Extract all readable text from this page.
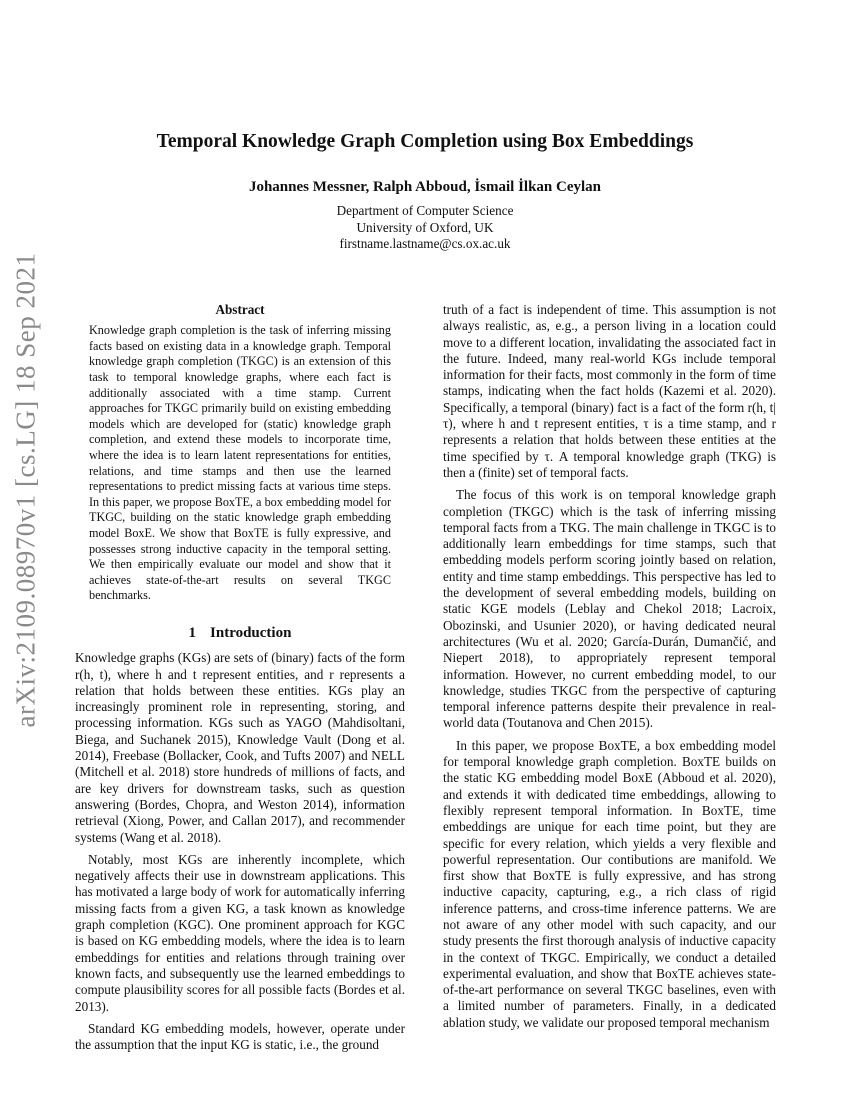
arXiv:2109.08970v1 [cs.LG] 18 Sep 2021
Temporal Knowledge Graph Completion using Box Embeddings
Johannes Messner, Ralph Abboud, İsmail İlkan Ceylan
Department of Computer Science
University of Oxford, UK
firstname.lastname@cs.ox.ac.uk
Abstract

Knowledge graph completion is the task of inferring missing facts based on existing data in a knowledge graph. Temporal knowledge graph completion (TKGC) is an extension of this task to temporal knowledge graphs, where each fact is additionally associated with a time stamp. Current approaches for TKGC primarily build on existing embedding models which are developed for (static) knowledge graph completion, and extend these models to incorporate time, where the idea is to learn latent representations for entities, relations, and time stamps and then use the learned representations to predict missing facts at various time steps. In this paper, we propose BoxTE, a box embedding model for TKGC, building on the static knowledge graph embedding model BoxE. We show that BoxTE is fully expressive, and possesses strong inductive capacity in the temporal setting. We then empirically evaluate our model and show that it achieves state-of-the-art results on several TKGC benchmarks.

1 Introduction

Knowledge graphs (KGs) are sets of (binary) facts of the form r(h, t), where h and t represent entities, and r represents a relation that holds between these entities. KGs play an increasingly prominent role in representing, storing, and processing information. KGs such as YAGO (Mahdisoltani, Biega, and Suchanek 2015), Knowledge Vault (Dong et al. 2014), Freebase (Bollacker, Cook, and Tufts 2007) and NELL (Mitchell et al. 2018) store hundreds of millions of facts, and are key drivers for downstream tasks, such as question answering (Bordes, Chopra, and Weston 2014), information retrieval (Xiong, Power, and Callan 2017), and recommender systems (Wang et al. 2018).

Notably, most KGs are inherently incomplete, which negatively affects their use in downstream applications. This has motivated a large body of work for automatically inferring missing facts from a given KG, a task known as knowledge graph completion (KGC). One prominent approach for KGC is based on KG embedding models, where the idea is to learn embeddings for entities and relations through training over known facts, and subsequently use the learned embeddings to compute plausibility scores for all possible facts (Bordes et al. 2013).

Standard KG embedding models, however, operate under the assumption that the input KG is static, i.e., the ground

truth of a fact is independent of time. This assumption is not always realistic, as, e.g., a person living in a location could move to a different location, invalidating the associated fact in the future. Indeed, many real-world KGs include temporal information for their facts, most commonly in the form of time stamps, indicating when the fact holds (Kazemi et al. 2020). Specifically, a temporal (binary) fact is a fact of the form r(h, t|τ), where h and t represent entities, τ is a time stamp, and r represents a relation that holds between these entities at the time specified by τ. A temporal knowledge graph (TKG) is then a (finite) set of temporal facts.

The focus of this work is on temporal knowledge graph completion (TKGC) which is the task of inferring missing temporal facts from a TKG. The main challenge in TKGC is to additionally learn embeddings for time stamps, such that embedding models perform scoring jointly based on relation, entity and time stamp embeddings. This perspective has led to the development of several embedding models, building on static KGE models (Leblay and Chekol 2018; Lacroix, Obozinski, and Usunier 2020), or having dedicated neural architectures (Wu et al. 2020; García-Durán, Dumančić, and Niepert 2018), to appropriately represent temporal information. However, no current embedding model, to our knowledge, studies TKGC from the perspective of capturing temporal inference patterns despite their prevalence in real-world data (Toutanova and Chen 2015).

In this paper, we propose BoxTE, a box embedding model for temporal knowledge graph completion. BoxTE builds on the static KG embedding model BoxE (Abboud et al. 2020), and extends it with dedicated time embeddings, allowing to flexibly represent temporal information. In BoxTE, time embeddings are unique for each time point, but they are specific for every relation, which yields a very flexible and powerful representation. Our contibutions are manifold. We first show that BoxTE is fully expressive, and has strong inductive capacity, capturing, e.g., a rich class of rigid inference patterns, and cross-time inference patterns. We are not aware of any other model with such capacity, and our study presents the first thorough analysis of inductive capacity in the context of TKGC. Empirically, we conduct a detailed experimental evaluation, and show that BoxTE achieves state-of-the-art performance on several TKGC baselines, even with a limited number of parameters. Finally, in a dedicated ablation study, we validate our proposed temporal mechanism
